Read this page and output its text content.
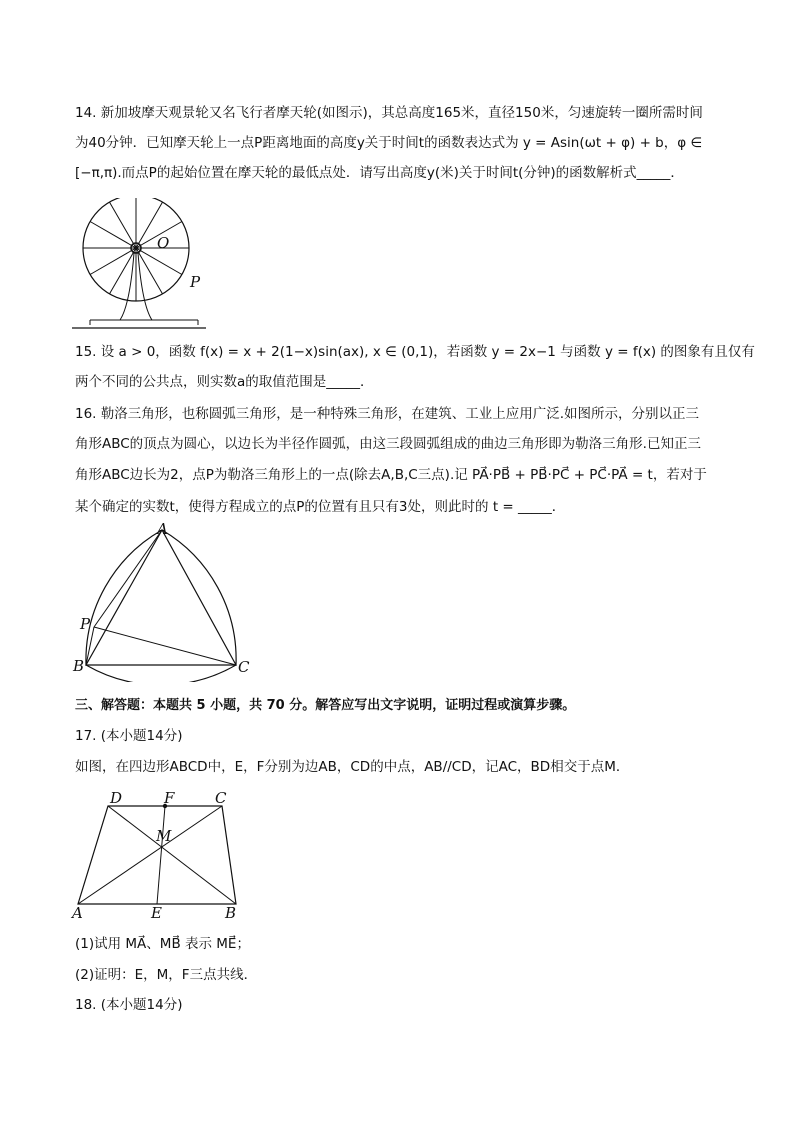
14. 新加坡摩天观景轮又名飞行者摩天轮(如图示)，其总高度165米，直径150米，匀速旋转一圈所需时间
为40分钟．已知摩天轮上一点P距离地面的高度y关于时间t的函数表达式为 y = Asin(ωt + φ) + b，φ ∈
[−π,π).而点P的起始位置在摩天轮的最低点处．请写出高度y(米)关于时间t(分钟)的函数解析式_____．
O
P
15. 设 a > 0，函数 f(x) = x + 2(1−x)sin(ax), x ∈ (0,1)，若函数 y = 2x−1 与函数 y = f(x) 的图象有且仅有
两个不同的公共点，则实数a的取值范围是_____．
16. 勒洛三角形，也称圆弧三角形，是一种特殊三角形，在建筑、工业上应用广泛.如图所示，分别以正三
角形ABC的顶点为圆心，以边长为半径作圆弧，由这三段圆弧组成的曲边三角形即为勒洛三角形.已知正三
角形ABC边长为2，点P为勒洛三角形上的一点(除去A,B,C三点).记 PA⃗·PB⃗ + PB⃗·PC⃗ + PC⃗·PA⃗ = t，若对于
某个确定的实数t，使得方程成立的点P的位置有且只有3处，则此时的 t = _____．
A
B	C
P
三、解答题：本题共 5 小题，共 70 分。解答应写出文字说明，证明过程或演算步骤。
17. (本小题14分)
如图，在四边形ABCD中，E，F分别为边AB，CD的中点，AB//CD，记AC，BD相交于点M．
D	F	C
M
A	E	B
(1)试用 MA⃗、MB⃗ 表示 ME⃗；
(2)证明：E，M，F三点共线．
18. (本小题14分)
